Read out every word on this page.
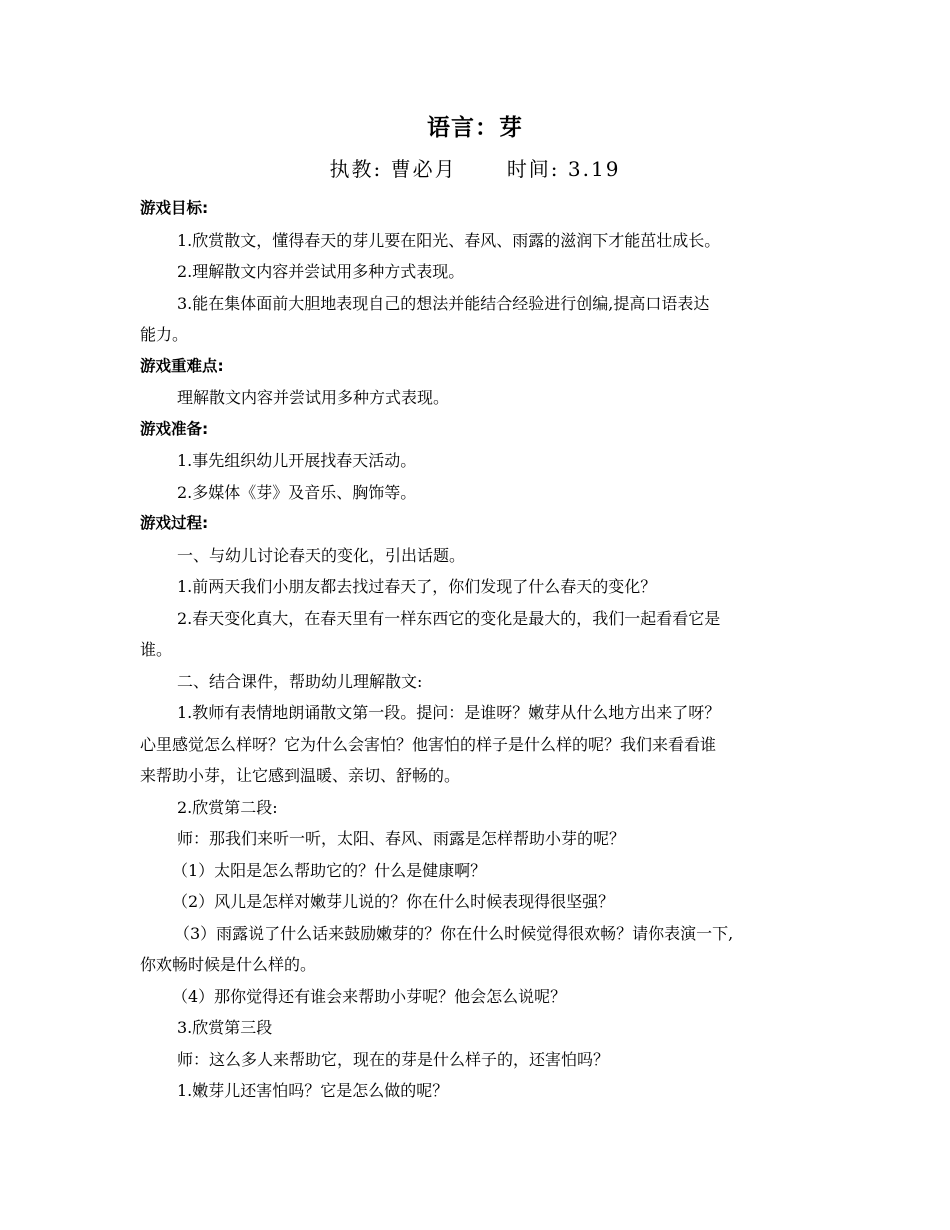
语言：芽
执教: 曹必月	时间: 3.19
游戏目标:
1.欣赏散文，懂得春天的芽儿要在阳光、春风、雨露的滋润下才能茁壮成长。
2.理解散文内容并尝试用多种方式表现。
3.能在集体面前大胆地表现自己的想法并能结合经验进行创编,提高口语表达
能力。
游戏重难点:
理解散文内容并尝试用多种方式表现。
游戏准备:
1.事先组织幼儿开展找春天活动。
2.多媒体《芽》及音乐、胸饰等。
游戏过程:
一、与幼儿讨论春天的变化，引出话题。
1.前两天我们小朋友都去找过春天了，你们发现了什么春天的变化？
2.春天变化真大，在春天里有一样东西它的变化是最大的，我们一起看看它是
谁。
二、结合课件，帮助幼儿理解散文:
1.教师有表情地朗诵散文第一段。提问：是谁呀？嫩芽从什么地方出来了呀？
心里感觉怎么样呀？它为什么会害怕？他害怕的样子是什么样的呢？我们来看看谁
来帮助小芽，让它感到温暖、亲切、舒畅的。
2.欣赏第二段:
师：那我们来听一听，太阳、春风、雨露是怎样帮助小芽的呢？
（1）太阳是怎么帮助它的？什么是健康啊？
（2）风儿是怎样对嫩芽儿说的？你在什么时候表现得很坚强？
（3）雨露说了什么话来鼓励嫩芽的？你在什么时候觉得很欢畅？请你表演一下,
你欢畅时候是什么样的。
（4）那你觉得还有谁会来帮助小芽呢？他会怎么说呢？
3.欣赏第三段
师：这么多人来帮助它，现在的芽是什么样子的，还害怕吗？
1.嫩芽儿还害怕吗？它是怎么做的呢？
